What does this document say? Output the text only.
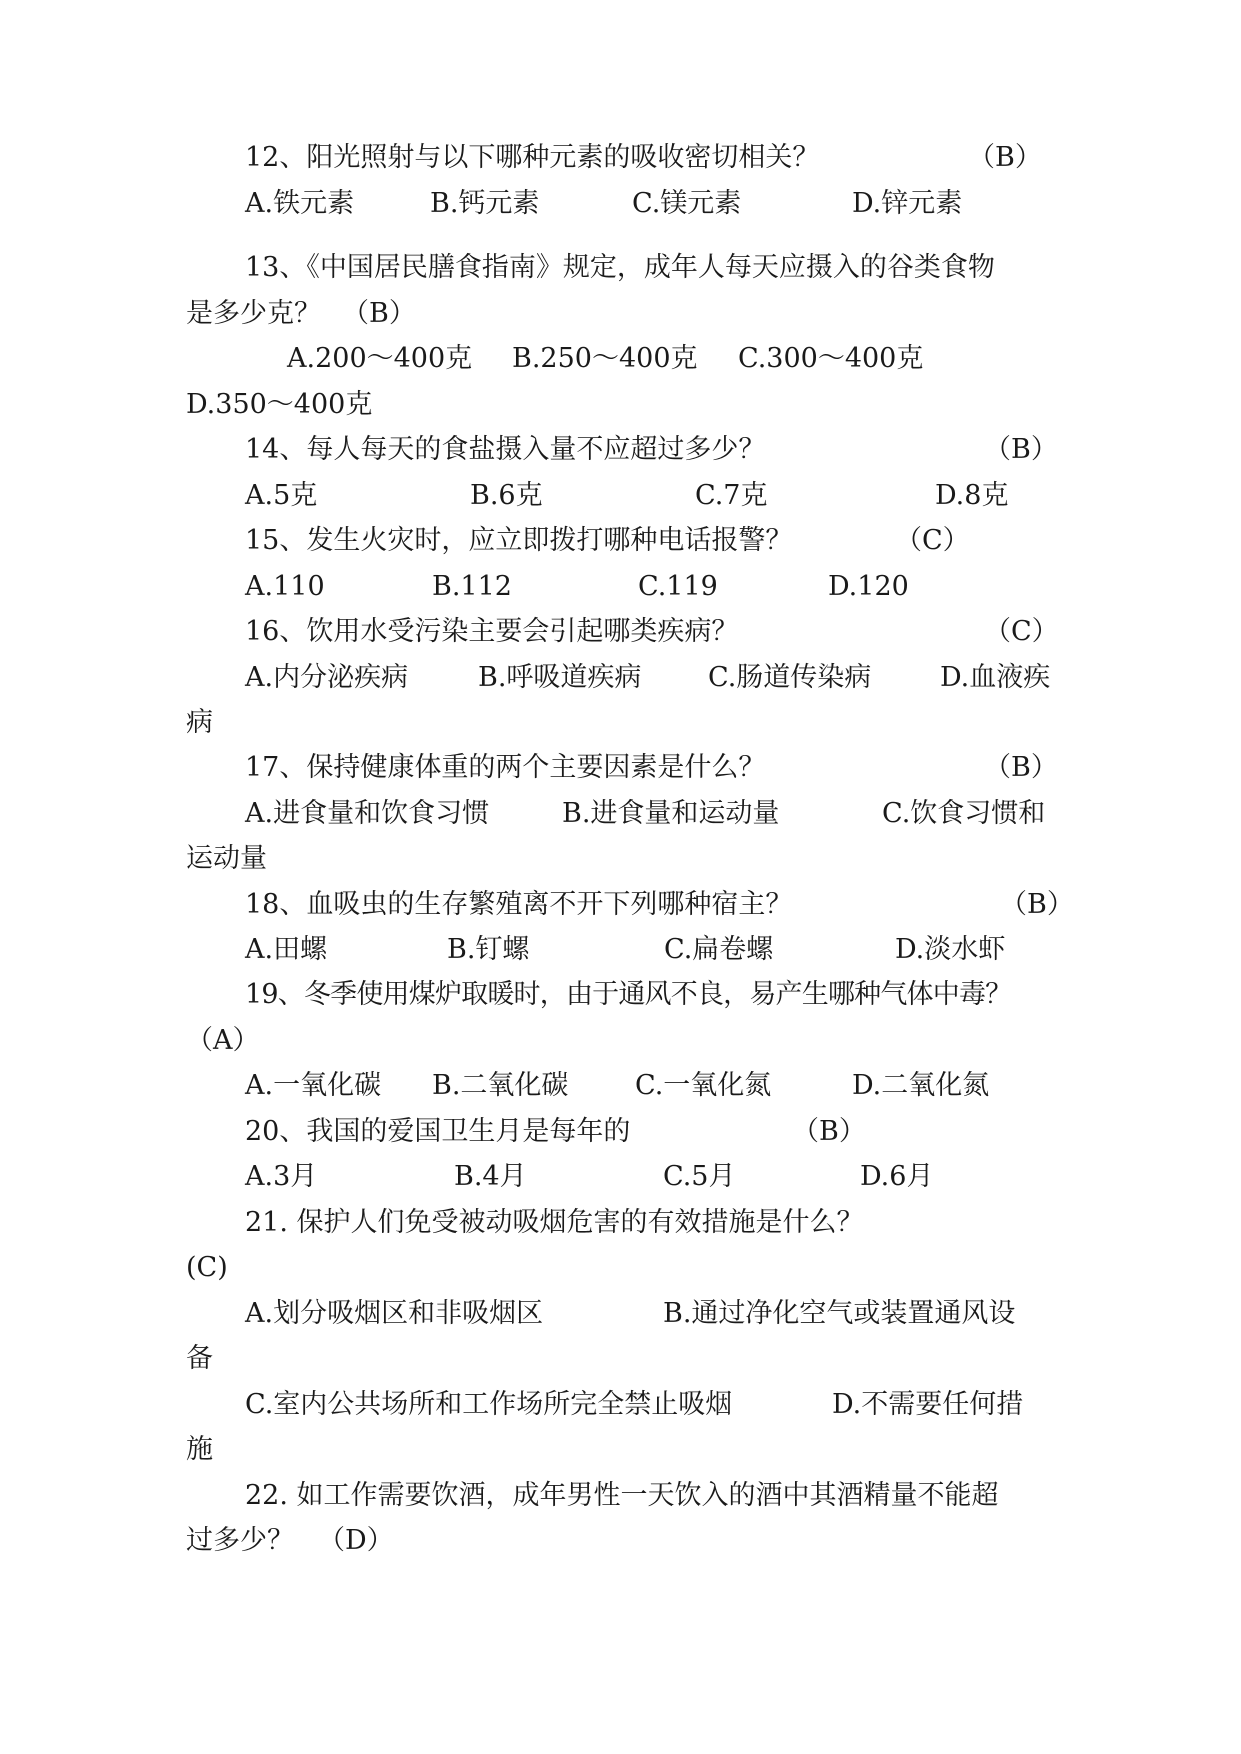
12、阳光照射与以下哪种元素的吸收密切相关？

	（B）

A.铁元素

	B.钙元素

	C.镁元素

	D.锌元素

13、《中国居民膳食指南》规定，成年人每天应摄入的谷类食物

是多少克？

（B）

A.200～400克

B.250～400克

C.300～400克

D.350～400克

14、每人每天的食盐摄入量不应超过多少？

	（B）

A.5克

	B.6克

	C.7克

	D.8克

15、发生火灾时，应立即拨打哪种电话报警？

	（C）

A.110

	B.112

	C.119

	D.120

16、饮用水受污染主要会引起哪类疾病？

	（C）

A.内分泌疾病

	B.呼吸道疾病

C.肠道传染病

	D.血液疾

病

17、保持健康体重的两个主要因素是什么？

	（B）

A.进食量和饮食习惯

	B.进食量和运动量

	C.饮食习惯和

运动量

18、血吸虫的生存繁殖离不开下列哪种宿主？

	（B）

A.田螺

	B.钉螺

	C.扁卷螺

	D.淡水虾

19、冬季使用煤炉取暖时，由于通风不良，易产生哪种气体中毒？

（A）

A.一氧化碳

B.二氧化碳

C.一氧化氮

	D.二氧化氮

20、我国的爱国卫生月是每年的

	（B）

A.3月

	B.4月

	C.5月

	D.6月

21. 保护人们免受被动吸烟危害的有效措施是什么？

(C)

A.划分吸烟区和非吸烟区

	B.通过净化空气或装置通风设

备

C.室内公共场所和工作场所完全禁止吸烟

	D.不需要任何措

施

22. 如工作需要饮酒，成年男性一天饮入的酒中其酒精量不能超

过多少？

（D）
